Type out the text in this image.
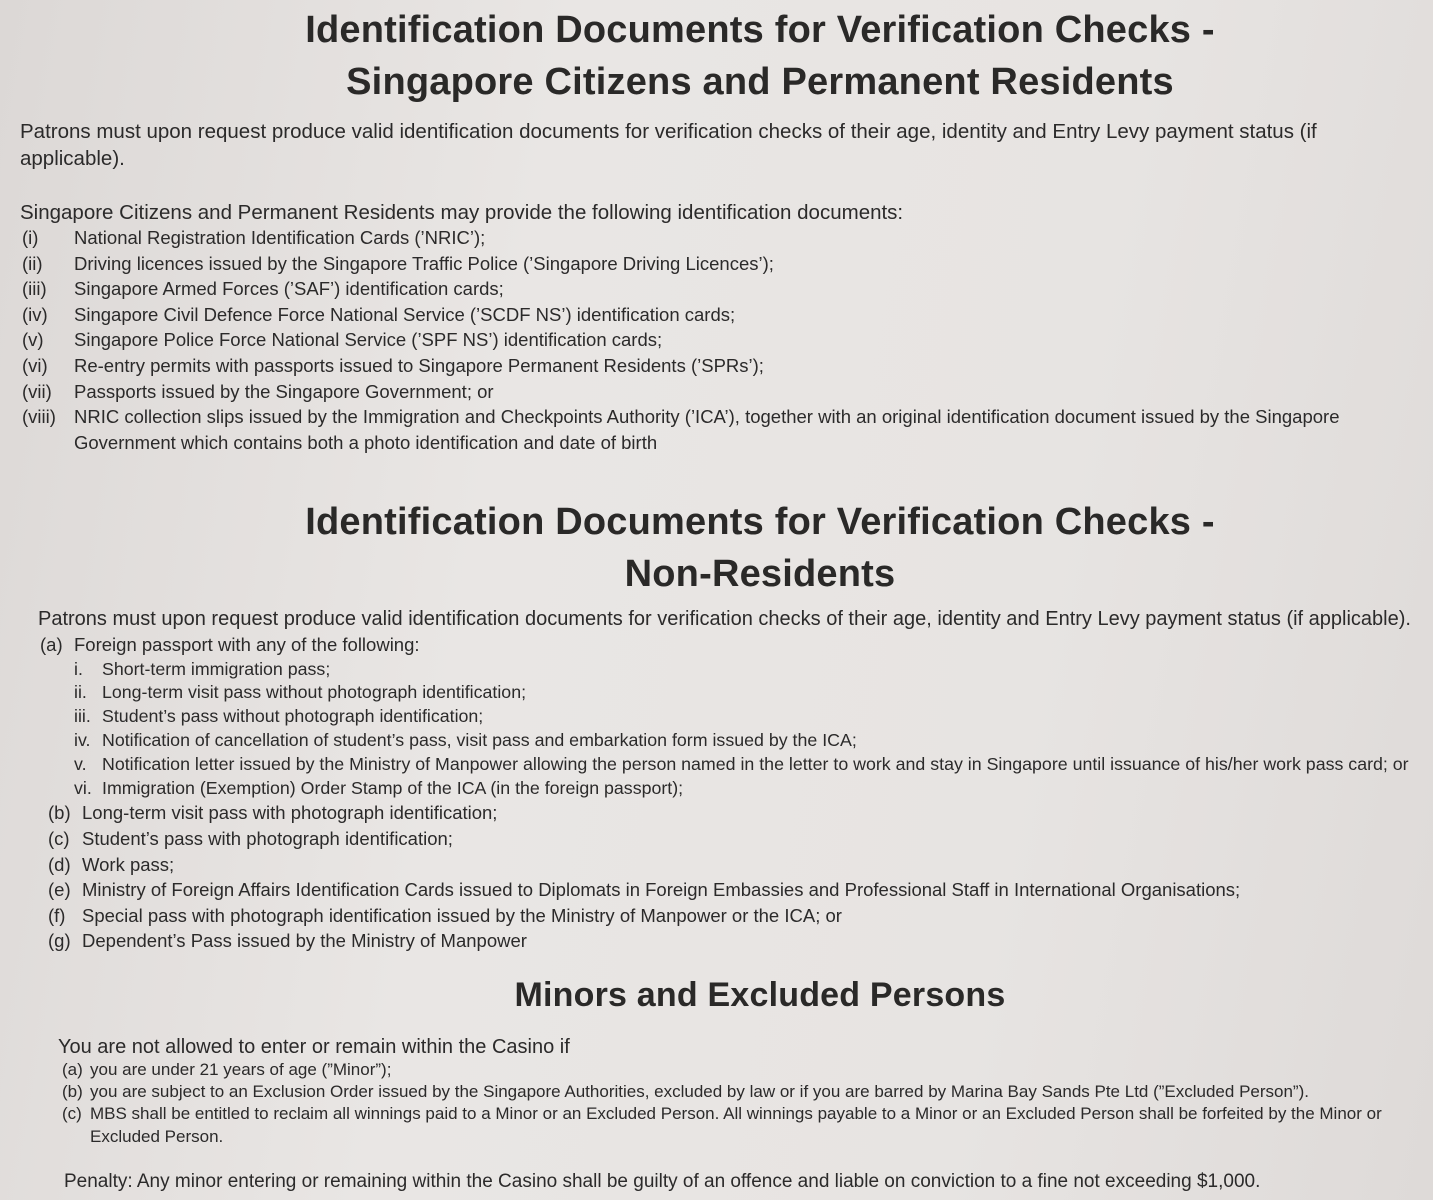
Identification Documents for Verification Checks -
Singapore Citizens and Permanent Residents

Patrons must upon request produce valid identification documents for verification checks of their age, identity and Entry Levy payment status (if applicable).

Singapore Citizens and Permanent Residents may provide the following identification documents:

(i)	National Registration Identification Cards (’NRIC’);
(ii)	Driving licences issued by the Singapore Traffic Police (’Singapore Driving Licences’);
(iii)	Singapore Armed Forces (’SAF’) identification cards;
(iv)	Singapore Civil Defence Force National Service (’SCDF NS’) identification cards;
(v)	Singapore Police Force National Service (’SPF NS’) identification cards;
(vi)	Re-entry permits with passports issued to Singapore Permanent Residents (’SPRs’);
(vii)	Passports issued by the Singapore Government; or
(viii) NRIC collection slips issued by the Immigration and Checkpoints Authority (’ICA’), together with an original identification document issued by the Singapore Government which contains both a photo identification and date of birth
Identification Documents for Verification Checks -
Non-Residents

Patrons must upon request produce valid identification documents for verification checks of their age, identity and Entry Levy payment status (if applicable).

(a) Foreign passport with any of the following:
i.	Short-term immigration pass;
ii. Long-term visit pass without photograph identification;
iii. Student’s pass without photograph identification;
iv. Notification of cancellation of student’s pass, visit pass and embarkation form issued by the ICA;
v. Notification letter issued by the Ministry of Manpower allowing the person named in the letter to work and stay in Singapore until issuance of his/her work pass card; or
vi. Immigration (Exemption) Order Stamp of the ICA (in the foreign passport);
(b) Long-term visit pass with photograph identification;
(c) Student’s pass with photograph identification;
(d) Work pass;
(e) Ministry of Foreign Affairs Identification Cards issued to Diplomats in Foreign Embassies and Professional Staff in International Organisations;
(f) Special pass with photograph identification issued by the Ministry of Manpower or the ICA; or
(g) Dependent’s Pass issued by the Ministry of Manpower
Minors and Excluded Persons

You are not allowed to enter or remain within the Casino if

(a) you are under 21 years of age (”Minor”);
(b) you are subject to an Exclusion Order issued by the Singapore Authorities, excluded by law or if you are barred by Marina Bay Sands Pte Ltd (”Excluded Person”).
(c) MBS shall be entitled to reclaim all winnings paid to a Minor or an Excluded Person. All winnings payable to a Minor or an Excluded Person shall be forfeited by the Minor or Excluded Person.

Penalty: Any minor entering or remaining within the Casino shall be guilty of an offence and liable on conviction to a fine not exceeding $1,000.
